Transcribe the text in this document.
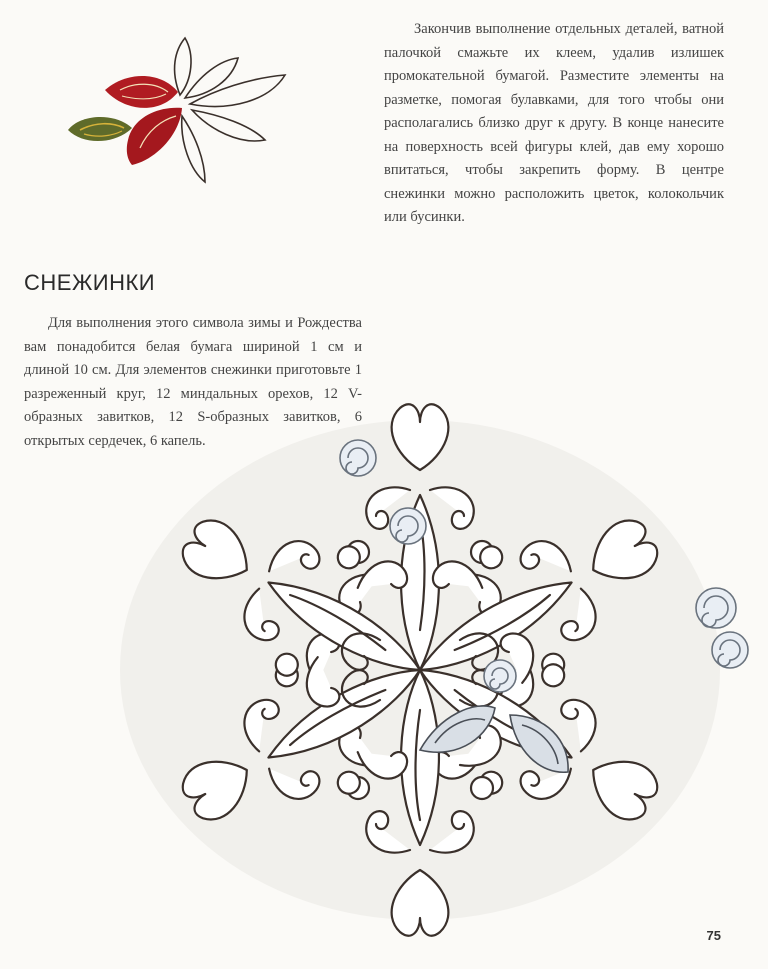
Закончив выполнение отдельных деталей, ватной палочкой смажьте их клеем, удалив излишек промокательной бумагой. Разместите элементы на разметке, помогая булавками, для того чтобы они располагались близко друг к другу. В конце нанесите на поверхность всей фигуры клей, дав ему хорошо впитаться, чтобы закрепить форму. В центре снежинки можно расположить цветок, колокольчик или бусинки.

СНЕЖИНКИ

Для выполнения этого символа зимы и Рождества вам понадобится белая бумага шириной 1 см и длиной 10 см. Для элементов снежинки приготовьте 1 разреженный круг, 12 миндальных орехов, 12 V-образных завитков, 12 S-образных завитков, 6 открытых сердечек, 6 капель.

75
